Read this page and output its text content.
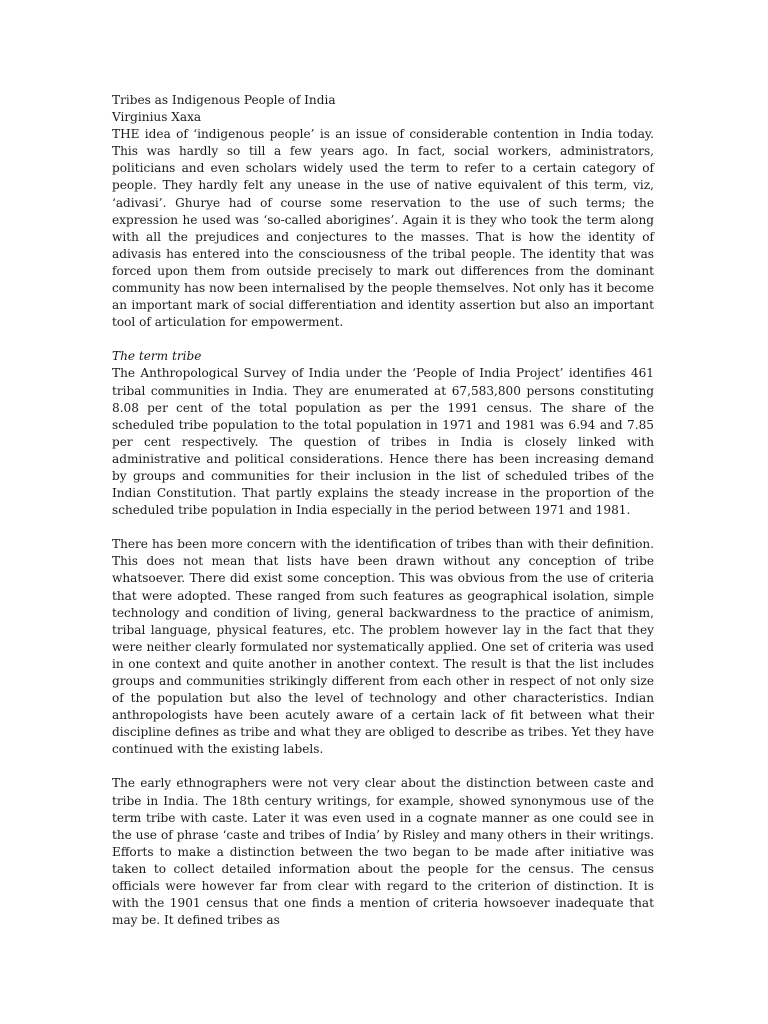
Tribes as Indigenous People of India
Virginius Xaxa

THE idea of ‘indigenous people’ is an issue of considerable contention in India today. This was hardly so till a few years ago. In fact, social workers, administrators, politicians and even scholars widely used the term to refer to a certain category of people. They hardly felt any unease in the use of native equivalent of this term, viz, ‘adivasi’. Ghurye had of course some reservation to the use of such terms; the expression he used was ‘so-called aborigines’. Again it is they who took the term along with all the prejudices and conjectures to the masses. That is how the identity of adivasis has entered into the consciousness of the tribal people. The identity that was forced upon them from outside precisely to mark out differences from the dominant community has now been internalised by the people themselves. Not only has it become an important mark of social differentiation and identity assertion but also an important tool of articulation for empowerment.

The term tribe

The Anthropological Survey of India under the ‘People of India Project’ identifies 461 tribal communities in India. They are enumerated at 67,583,800 persons constituting 8.08 per cent of the total population as per the 1991 census. The share of the scheduled tribe population to the total population in 1971 and 1981 was 6.94 and 7.85 per cent respectively. The question of tribes in India is closely linked with administrative and political considerations. Hence there has been increasing demand by groups and communities for their inclusion in the list of scheduled tribes of the Indian Constitution. That partly explains the steady increase in the proportion of the scheduled tribe population in India especially in the period between 1971 and 1981.

There has been more concern with the identification of tribes than with their definition. This does not mean that lists have been drawn without any conception of tribe whatsoever. There did exist some conception. This was obvious from the use of criteria that were adopted. These ranged from such features as geographical isolation, simple technology and condition of living, general backwardness to the practice of animism, tribal language, physical features, etc. The problem however lay in the fact that they were neither clearly formulated nor systematically applied. One set of criteria was used in one context and quite another in another context. The result is that the list includes groups and communities strikingly different from each other in respect of not only size of the population but also the level of technology and other characteristics. Indian anthropologists have been acutely aware of a certain lack of fit between what their discipline defines as tribe and what they are obliged to describe as tribes. Yet they have continued with the existing labels.

The early ethnographers were not very clear about the distinction between caste and tribe in India. The 18th century writings, for example, showed synonymous use of the term tribe with caste. Later it was even used in a cognate manner as one could see in the use of phrase ‘caste and tribes of India’ by Risley and many others in their writings. Efforts to make a distinction between the two began to be made after initiative was taken to collect detailed information about the people for the census. The census officials were however far from clear with regard to the criterion of distinction. It is with the 1901 census that one finds a mention of criteria howsoever inadequate that may be. It defined tribes as
